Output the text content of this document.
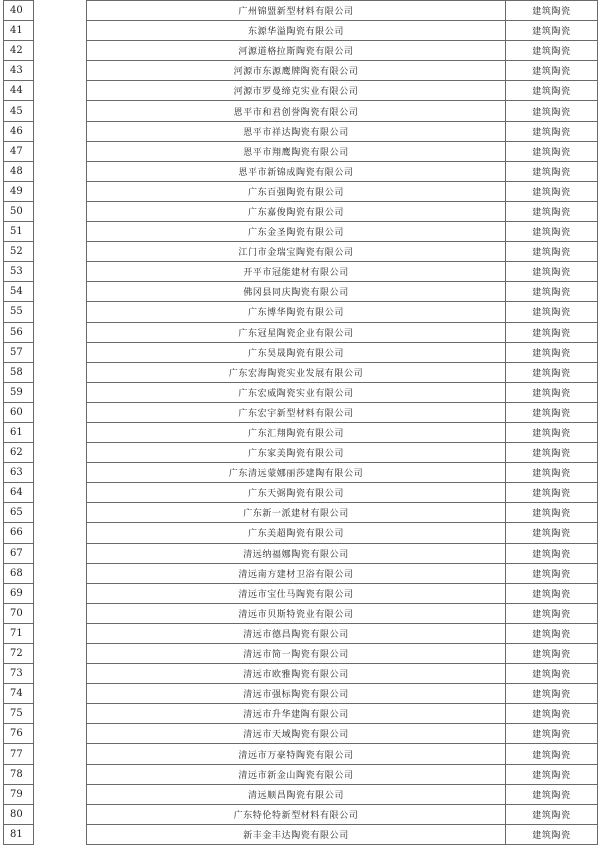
40		广州锦盟新型材料有限公司	建筑陶瓷
41		东源华溢陶瓷有限公司	建筑陶瓷
42		河源道格拉斯陶瓷有限公司	建筑陶瓷
43		河源市东源鹰牌陶瓷有限公司	建筑陶瓷
44		河源市罗曼缔克实业有限公司	建筑陶瓷
45		恩平市和君创誉陶瓷有限公司	建筑陶瓷
46		恩平市祥达陶瓷有限公司	建筑陶瓷
47		恩平市翔鹰陶瓷有限公司	建筑陶瓷
48		恩平市新锦成陶瓷有限公司	建筑陶瓷
49		广东百强陶瓷有限公司	建筑陶瓷
50		广东嘉俊陶瓷有限公司	建筑陶瓷
51		广东金圣陶瓷有限公司	建筑陶瓷
52		江门市金瑞宝陶瓷有限公司	建筑陶瓷
53		开平市冠能建材有限公司	建筑陶瓷
54		佛冈县同庆陶瓷有限公司	建筑陶瓷
55		广东博华陶瓷有限公司	建筑陶瓷
56		广东冠星陶瓷企业有限公司	建筑陶瓷
57		广东昊晟陶瓷有限公司	建筑陶瓷
58		广东宏海陶瓷实业发展有限公司	建筑陶瓷
59		广东宏威陶瓷实业有限公司	建筑陶瓷
60		广东宏宇新型材料有限公司	建筑陶瓷
61		广东汇翔陶瓷有限公司	建筑陶瓷
62		广东家美陶瓷有限公司	建筑陶瓷
63		广东清远蒙娜丽莎建陶有限公司	建筑陶瓷
64		广东天弼陶瓷有限公司	建筑陶瓷
65		广东新一派建材有限公司	建筑陶瓷
66		广东美超陶瓷有限公司	建筑陶瓷
67		清远纳福娜陶瓷有限公司	建筑陶瓷
68		清远南方建材卫浴有限公司	建筑陶瓷
69		清远市宝仕马陶瓷有限公司	建筑陶瓷
70		清远市贝斯特瓷业有限公司	建筑陶瓷
71		清远市德昌陶瓷有限公司	建筑陶瓷
72		清远市简一陶瓷有限公司	建筑陶瓷
73		清远市欧雅陶瓷有限公司	建筑陶瓷
74		清远市强标陶瓷有限公司	建筑陶瓷
75		清远市升华建陶有限公司	建筑陶瓷
76		清远市天域陶瓷有限公司	建筑陶瓷
77		清远市万豪特陶瓷有限公司	建筑陶瓷
78		清远市新金山陶瓷有限公司	建筑陶瓷
79		清远顺昌陶瓷有限公司	建筑陶瓷
80		广东特伦特新型材料有限公司	建筑陶瓷
81		新丰金丰达陶瓷有限公司	建筑陶瓷
